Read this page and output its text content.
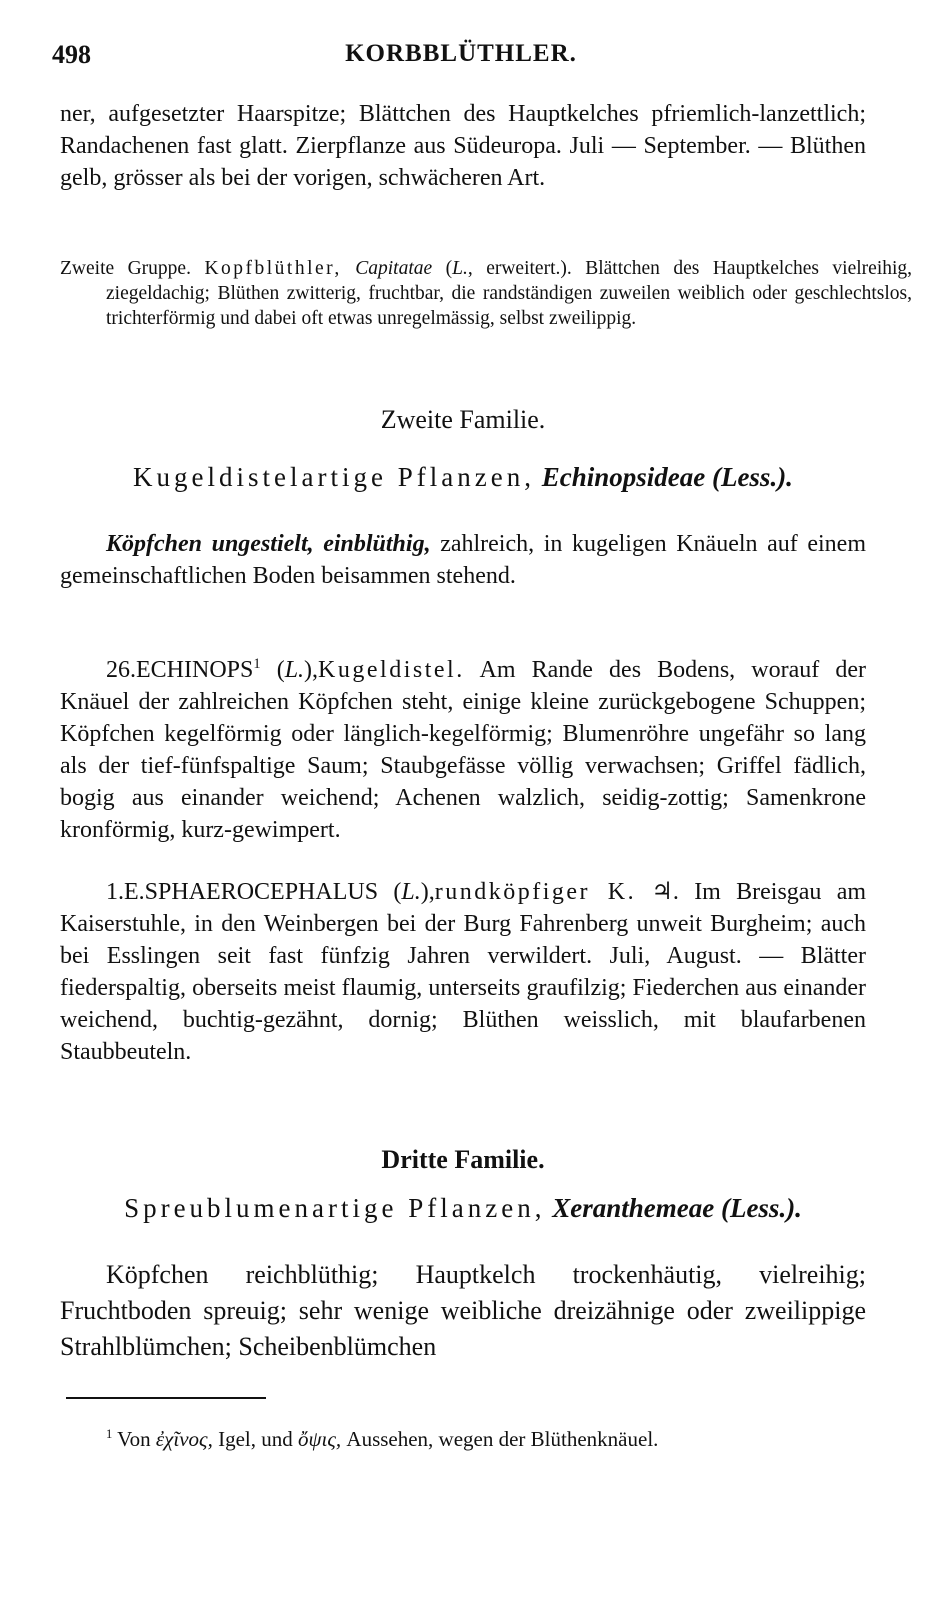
498	KORBBLÜTHLER.
ner, aufgesetzter Haarspitze; Blättchen des Hauptkelches pfriemlich-lanzettlich; Randachenen fast glatt. Zierpflanze aus Südeuropa. Juli — September. — Blüthen gelb, grösser als bei der vorigen, schwächeren Art.
Zweite Gruppe. Kopfblüthler, Capitatae (L., erweitert.). Blättchen des Hauptkelches vielreihig, ziegeldachig; Blüthen zwitterig, fruchtbar, die randständigen zuweilen weiblich oder geschlechtslos, trichterförmig und dabei oft etwas unregelmässig, selbst zweilippig.
Zweite Familie.
Kugeldistelartige Pflanzen, Echinopsideae (Less.).
Köpfchen ungestielt, einblüthig, zahlreich, in kugeligen Knäueln auf einem gemeinschaftlichen Boden beisammen stehend.
26.ECHINOPS$^1$ (L.),Kugeldistel. Am Rande des Bodens, worauf der Knäuel der zahlreichen Köpfchen steht, einige kleine zurückgebogene Schuppen; Köpfchen kegelförmig oder länglich-kegelförmig; Blumenröhre ungefähr so lang als der tief-fünfspaltige Saum; Staubgefässe völlig verwachsen; Griffel fädlich, bogig aus einander weichend; Achenen walzlich, seidig-zottig; Samenkrone kronförmig, kurz-gewimpert.
1.E.SPHAEROCEPHALUS (L.),rundköpfiger K. ♃. Im Breisgau am Kaiserstuhle, in den Weinbergen bei der Burg Fahrenberg unweit Burgheim; auch bei Esslingen seit fast fünfzig Jahren verwildert. Juli, August. — Blätter fiederspaltig, oberseits meist flaumig, unterseits graufilzig; Fiederchen aus einander weichend, buchtig-gezähnt, dornig; Blüthen weisslich, mit blaufarbenen Staubbeuteln.
Dritte Familie.
Spreublumenartige Pflanzen, Xeranthemeae (Less.).
Köpfchen reichblüthig; Hauptkelch trockenhäutig, vielreihig; Fruchtboden spreuig; sehr wenige weibliche dreizähnige oder zweilippige Strahlblümchen; Scheibenblümchen
$^1$ Von ἐχῖνος, Igel, und ὄψις, Aussehen, wegen der Blüthenknäuel.
